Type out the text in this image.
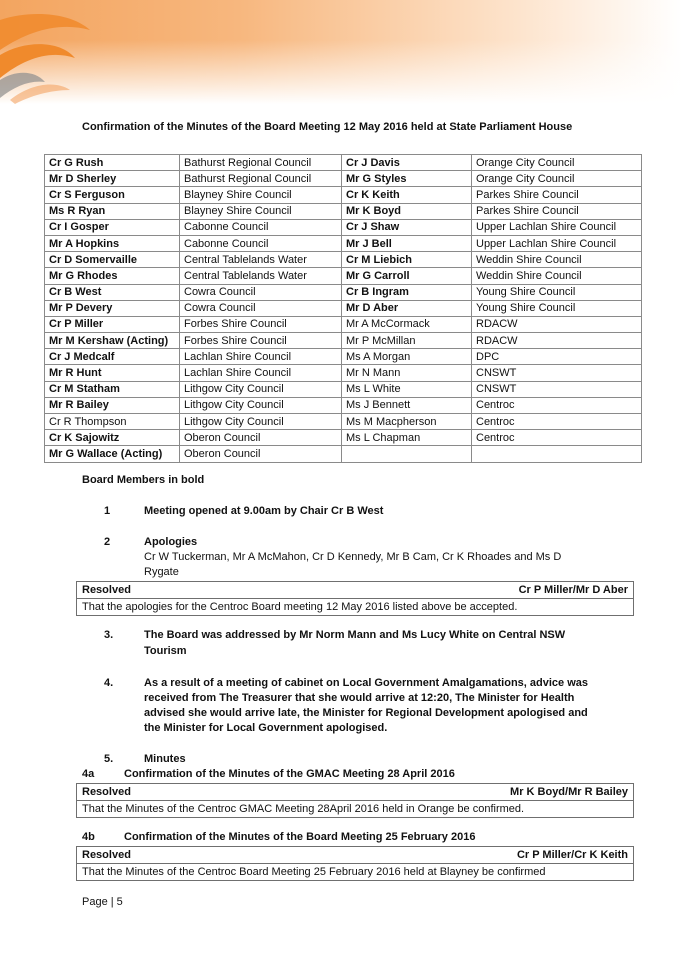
Confirmation of the Minutes of the Board Meeting 12 May 2016 held at State Parliament House
Cr G Rush	Bathurst Regional Council	Cr J Davis	Orange City Council
Mr D Sherley	Bathurst Regional Council	Mr G Styles	Orange City Council
Cr S Ferguson	Blayney Shire Council	Cr K Keith	Parkes Shire Council
Ms R Ryan	Blayney Shire Council	Mr K Boyd	Parkes Shire Council
Cr I Gosper	Cabonne Council	Cr J Shaw	Upper Lachlan Shire Council
Mr A Hopkins	Cabonne Council	Mr J Bell	Upper Lachlan Shire Council
Cr D Somervaille	Central Tablelands Water	Cr M Liebich	Weddin Shire Council
Mr G Rhodes	Central Tablelands Water	Mr G Carroll	Weddin Shire Council
Cr B West	Cowra Council	Cr B Ingram	Young Shire Council
Mr P Devery	Cowra Council	Mr D Aber	Young Shire Council
Cr P Miller	Forbes Shire Council	Mr A McCormack	RDACW
Mr M Kershaw (Acting)	Forbes Shire Council	Mr P McMillan	RDACW
Cr J Medcalf	Lachlan Shire Council	Ms A Morgan	DPC
Mr R Hunt	Lachlan Shire Council	Mr N Mann	CNSWT
Cr M Statham	Lithgow City Council	Ms L White	CNSWT
Mr R Bailey	Lithgow City Council	Ms J Bennett	Centroc
Cr R Thompson	Lithgow City Council	Ms M Macpherson	Centroc
Cr K Sajowitz	Oberon Council	Ms L Chapman	Centroc
Mr G Wallace (Acting)	Oberon Council		
Board Members in bold
1	Meeting opened at 9.00am by Chair Cr B West
2	Apologies
Cr W Tuckerman, Mr A McMahon, Cr D Kennedy, Mr B Cam, Cr K Rhoades and Ms D
Rygate
Resolved	Cr P Miller/Mr D Aber
That the apologies for the Centroc Board meeting 12 May 2016 listed above be accepted.
3.	The Board was addressed by Mr Norm Mann and Ms Lucy White on Central NSW
Tourism
4.	As a result of a meeting of cabinet on Local Government Amalgamations, advice was
received from The Treasurer that she would arrive at 12:20, The Minister for Health
advised she would arrive late, the Minister for Regional Development apologised and
the Minister for Local Government apologised.
5.	Minutes
4a	Confirmation of the Minutes of the GMAC Meeting 28 April 2016
Resolved	Mr K Boyd/Mr R Bailey
That the Minutes of the Centroc GMAC Meeting 28April 2016 held in Orange be confirmed.
4b	Confirmation of the Minutes of the Board Meeting 25 February 2016
Resolved	Cr P Miller/Cr K Keith
That the Minutes of the Centroc Board Meeting 25 February 2016 held at Blayney be confirmed
Page | 5
